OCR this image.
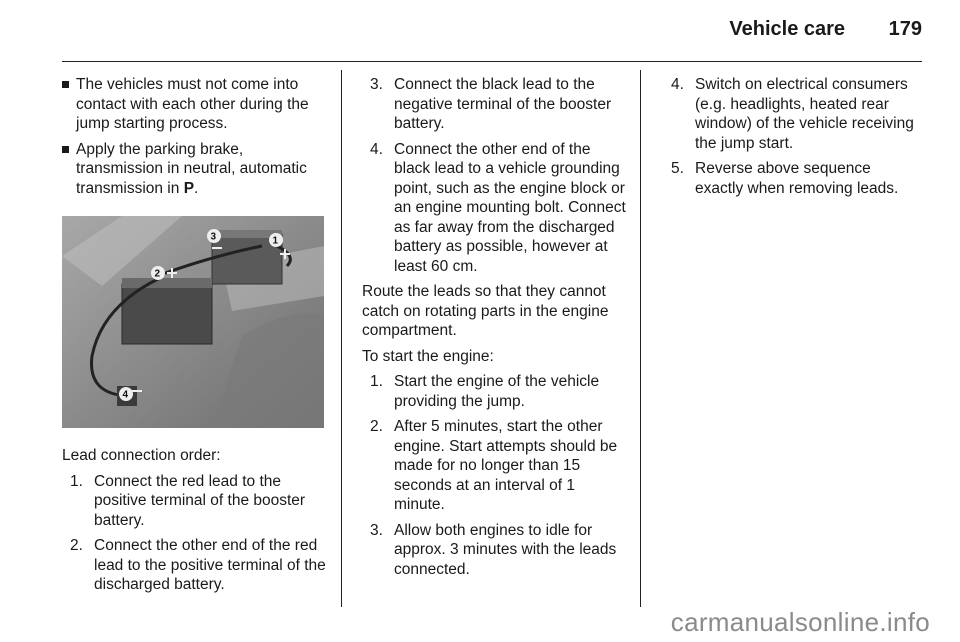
Vehicle care 179
The vehicles must not come into contact with each other during the jump starting process.
Apply the parking brake, transmission in neutral, automatic transmission in P.
1
2
3
4
Lead connection order:
1. Connect the red lead to the positive terminal of the booster battery.
2. Connect the other end of the red lead to the positive terminal of the discharged battery.
3. Connect the black lead to the negative terminal of the booster battery.
4. Connect the other end of the black lead to a vehicle grounding point, such as the engine block or an engine mounting bolt. Connect as far away from the discharged battery as possible, however at least 60 cm.
Route the leads so that they cannot catch on rotating parts in the engine compartment.
To start the engine:
1. Start the engine of the vehicle providing the jump.
2. After 5 minutes, start the other engine. Start attempts should be made for no longer than 15 seconds at an interval of 1 minute.
3. Allow both engines to idle for approx. 3 minutes with the leads connected.
4. Switch on electrical consumers (e.g. headlights, heated rear window) of the vehicle receiving the jump start.
5. Reverse above sequence exactly when removing leads.
carmanualsonline.info
